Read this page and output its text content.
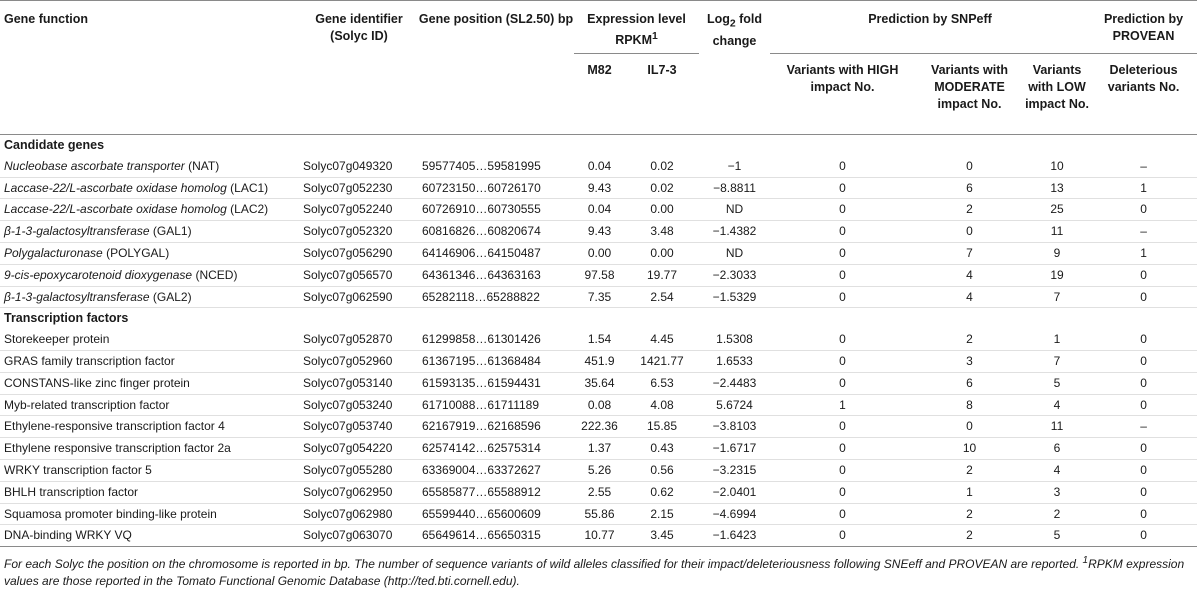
Gene function	Gene identifier (Solyc ID)	Gene position (SL2.50) bp	Expression level RPKM$^1$		Log$_2$ fold change	Prediction by SNPeff			Prediction by PROVEAN
			M82	IL7-3		Variants with HIGH impact No.	Variants with MODERATE impact No.	Variants with LOW impact No.	Deleterious variants No.
Candidate genes									
Nucleobase ascorbate transporter (NAT)	Solyc07g049320	59577405…59581995	0.04	0.02	−1	0	0	10	–
Laccase-22/L-ascorbate oxidase homolog (LAC1)	Solyc07g052230	60723150…60726170	9.43	0.02	−8.8811	0	6	13	1
Laccase-22/L-ascorbate oxidase homolog (LAC2)	Solyc07g052240	60726910…60730555	0.04	0.00	ND	0	2	25	0
β-1-3-galactosyltransferase (GAL1)	Solyc07g052320	60816826…60820674	9.43	3.48	−1.4382	0	0	11	–
Polygalacturonase (POLYGAL)	Solyc07g056290	64146906…64150487	0.00	0.00	ND	0	7	9	1
9-cis-epoxycarotenoid dioxygenase (NCED)	Solyc07g056570	64361346…64363163	97.58	19.77	−2.3033	0	4	19	0
β-1-3-galactosyltransferase (GAL2)	Solyc07g062590	65282118…65288822	7.35	2.54	−1.5329	0	4	7	0
Transcription factors									
Storekeeper protein	Solyc07g052870	61299858…61301426	1.54	4.45	1.5308	0	2	1	0
GRAS family transcription factor	Solyc07g052960	61367195…61368484	451.9	1421.77	1.6533	0	3	7	0
CONSTANS-like zinc finger protein	Solyc07g053140	61593135…61594431	35.64	6.53	−2.4483	0	6	5	0
Myb-related transcription factor	Solyc07g053240	61710088…61711189	0.08	4.08	5.6724	1	8	4	0
Ethylene-responsive transcription factor 4	Solyc07g053740	62167919…62168596	222.36	15.85	−3.8103	0	0	11	–
Ethylene responsive transcription factor 2a	Solyc07g054220	62574142…62575314	1.37	0.43	−1.6717	0	10	6	0
WRKY transcription factor 5	Solyc07g055280	63369004…63372627	5.26	0.56	−3.2315	0	2	4	0
BHLH transcription factor	Solyc07g062950	65585877…65588912	2.55	0.62	−2.0401	0	1	3	0
Squamosa promoter binding-like protein	Solyc07g062980	65599440…65600609	55.86	2.15	−4.6994	0	2	2	0
DNA-binding WRKY VQ	Solyc07g063070	65649614…65650315	10.77	3.45	−1.6423	0	2	5	0
For each Solyc the position on the chromosome is reported in bp. The number of sequence variants of wild alleles classified for their impact/deleteriousness following SNEeff and PROVEAN are reported. $^1$RPKM expression values are those reported in the Tomato Functional Genomic Database (http://ted.bti.cornell.edu).
